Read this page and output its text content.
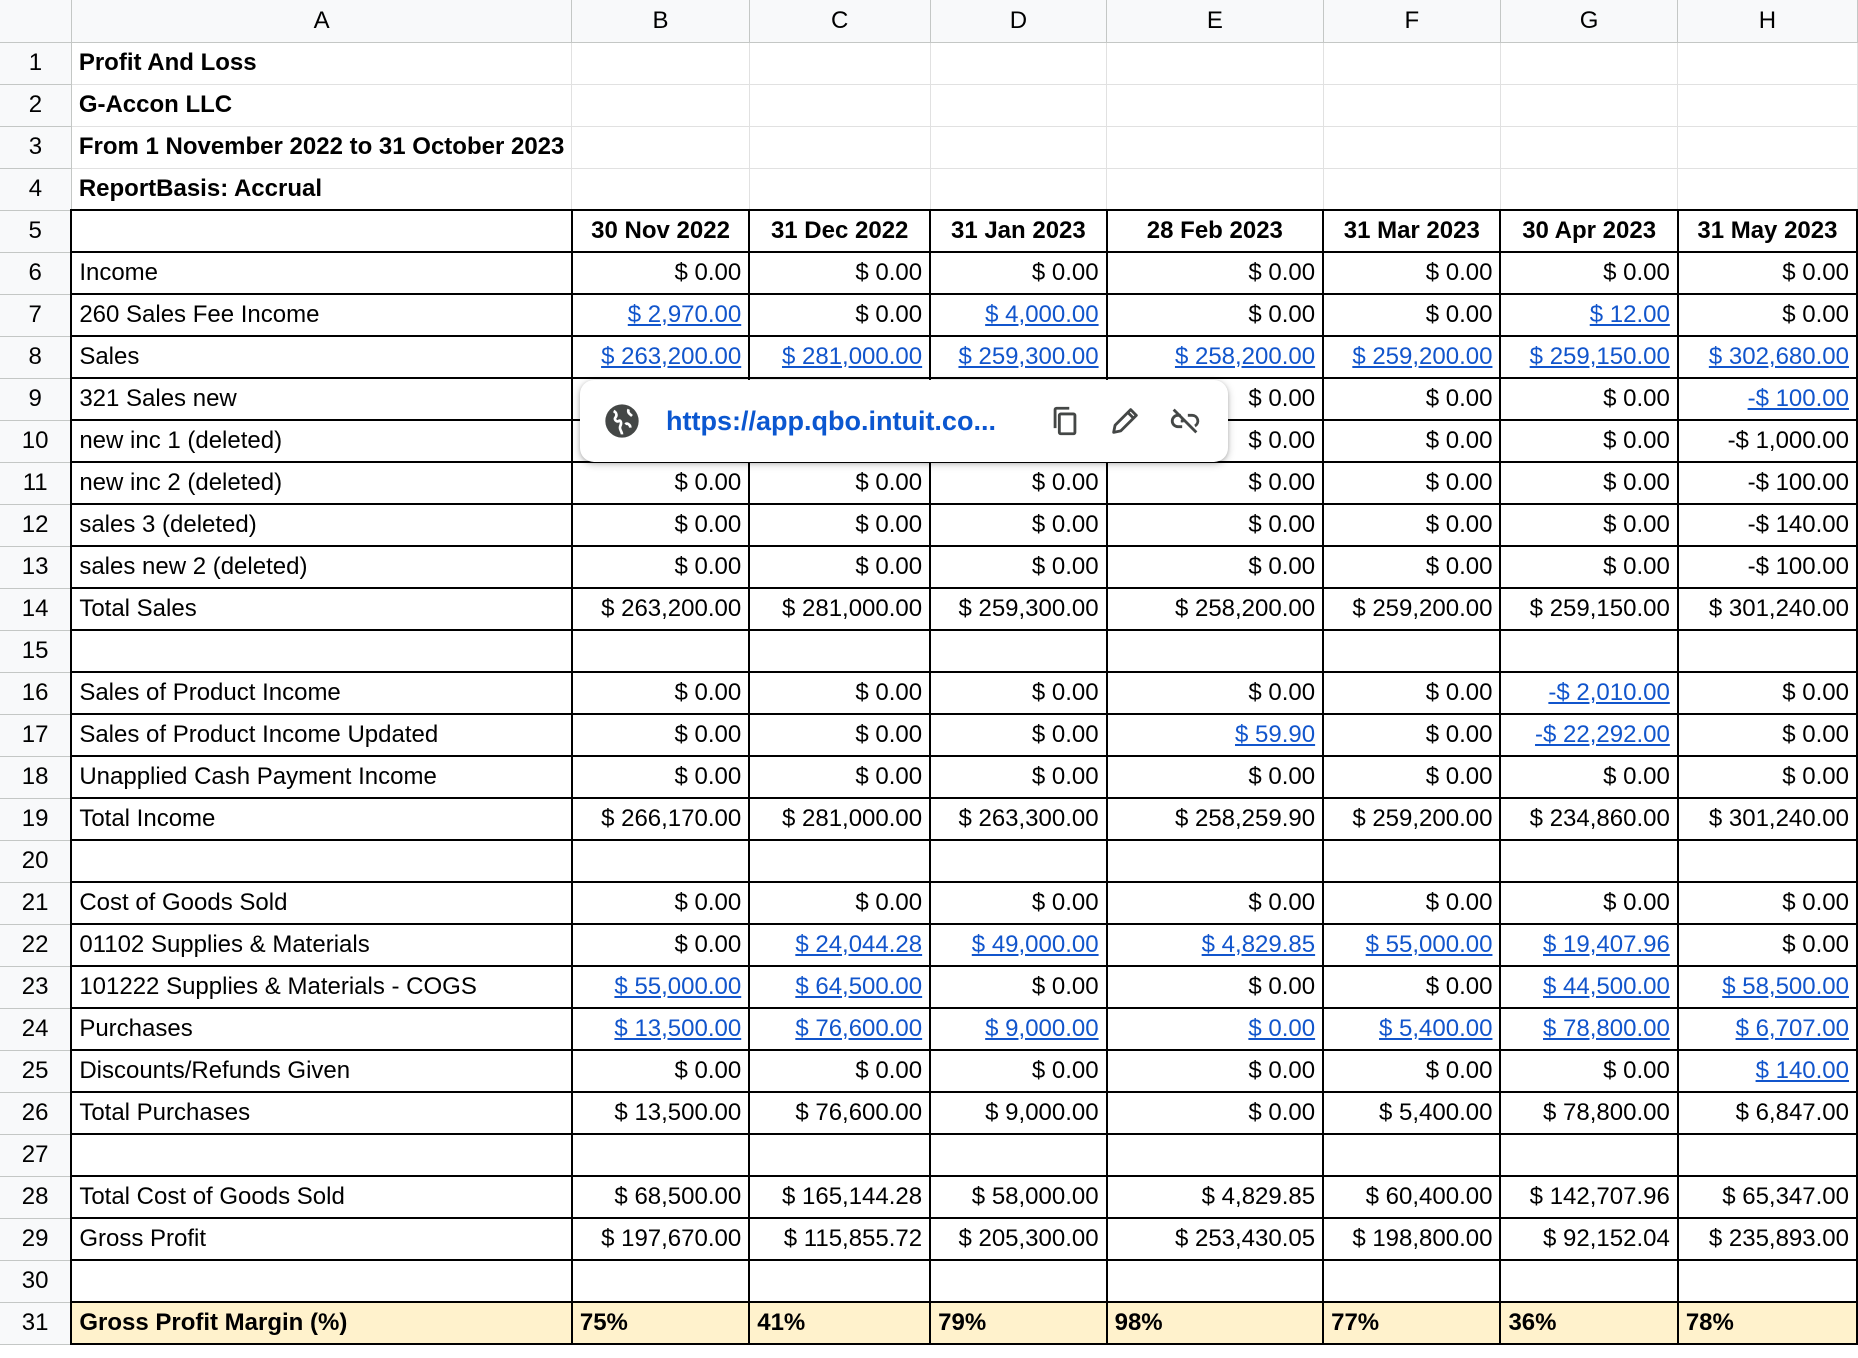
	A	B	C	D	E	F	G	H
1	Profit And Loss							
2	G-Accon LLC							
3	From 1 November 2022 to 31 October 2023							
4	ReportBasis: Accrual							
5		30 Nov 2022	31 Dec 2022	31 Jan 2023	28 Feb 2023	31 Mar 2023	30 Apr 2023	31 May 2023
6	Income	$ 0.00	$ 0.00	$ 0.00	$ 0.00	$ 0.00	$ 0.00	$ 0.00
7	260 Sales Fee Income	$ 2,970.00	$ 0.00	$ 4,000.00	$ 0.00	$ 0.00	$ 12.00	$ 0.00
8	Sales	$ 263,200.00	$ 281,000.00	$ 259,300.00	$ 258,200.00	$ 259,200.00	$ 259,150.00	$ 302,680.00
9	321 Sales new				$ 0.00	$ 0.00	$ 0.00	-$ 100.00
10	new inc 1 (deleted)				$ 0.00	$ 0.00	$ 0.00	-$ 1,000.00
11	new inc 2 (deleted)	$ 0.00	$ 0.00	$ 0.00	$ 0.00	$ 0.00	$ 0.00	-$ 100.00
12	sales 3 (deleted)	$ 0.00	$ 0.00	$ 0.00	$ 0.00	$ 0.00	$ 0.00	-$ 140.00
13	sales new 2 (deleted)	$ 0.00	$ 0.00	$ 0.00	$ 0.00	$ 0.00	$ 0.00	-$ 100.00
14	Total Sales	$ 263,200.00	$ 281,000.00	$ 259,300.00	$ 258,200.00	$ 259,200.00	$ 259,150.00	$ 301,240.00
15								
16	Sales of Product Income	$ 0.00	$ 0.00	$ 0.00	$ 0.00	$ 0.00	-$ 2,010.00	$ 0.00
17	Sales of Product Income Updated	$ 0.00	$ 0.00	$ 0.00	$ 59.90	$ 0.00	-$ 22,292.00	$ 0.00
18	Unapplied Cash Payment Income	$ 0.00	$ 0.00	$ 0.00	$ 0.00	$ 0.00	$ 0.00	$ 0.00
19	Total Income	$ 266,170.00	$ 281,000.00	$ 263,300.00	$ 258,259.90	$ 259,200.00	$ 234,860.00	$ 301,240.00
20								
21	Cost of Goods Sold	$ 0.00	$ 0.00	$ 0.00	$ 0.00	$ 0.00	$ 0.00	$ 0.00
22	01102 Supplies & Materials	$ 0.00	$ 24,044.28	$ 49,000.00	$ 4,829.85	$ 55,000.00	$ 19,407.96	$ 0.00
23	101222 Supplies & Materials - COGS	$ 55,000.00	$ 64,500.00	$ 0.00	$ 0.00	$ 0.00	$ 44,500.00	$ 58,500.00
24	Purchases	$ 13,500.00	$ 76,600.00	$ 9,000.00	$ 0.00	$ 5,400.00	$ 78,800.00	$ 6,707.00
25	Discounts/Refunds Given	$ 0.00	$ 0.00	$ 0.00	$ 0.00	$ 0.00	$ 0.00	$ 140.00
26	Total Purchases	$ 13,500.00	$ 76,600.00	$ 9,000.00	$ 0.00	$ 5,400.00	$ 78,800.00	$ 6,847.00
27								
28	Total Cost of Goods Sold	$ 68,500.00	$ 165,144.28	$ 58,000.00	$ 4,829.85	$ 60,400.00	$ 142,707.96	$ 65,347.00
29	Gross Profit	$ 197,670.00	$ 115,855.72	$ 205,300.00	$ 253,430.05	$ 198,800.00	$ 92,152.04	$ 235,893.00
30								
31	Gross Profit Margin (%)	75%	41%	79%	98%	77%	36%	78%
https://app.qbo.intuit.co...
